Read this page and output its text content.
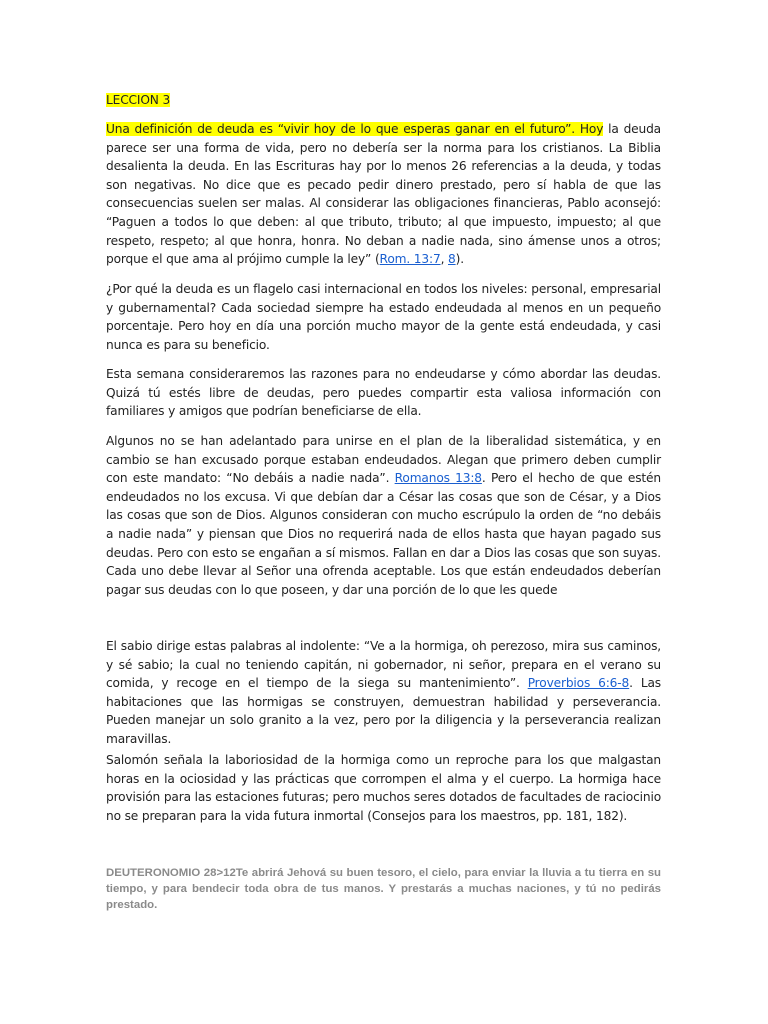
LECCION 3

Una definición de deuda es “vivir hoy de lo que esperas ganar en el futuro”. Hoy la deuda parece ser una forma de vida, pero no debería ser la norma para los cristianos. La Biblia desalienta la deuda. En las Escrituras hay por lo menos 26 referencias a la deuda, y todas son negativas. No dice que es pecado pedir dinero prestado, pero sí habla de que las consecuencias suelen ser malas. Al considerar las obligaciones financieras, Pablo aconsejó: “Paguen a todos lo que deben: al que tributo, tributo; al que impuesto, impuesto; al que respeto, respeto; al que honra, honra. No deban a nadie nada, sino ámense unos a otros; porque el que ama al prójimo cumple la ley” (Rom. 13:7, 8).

¿Por qué la deuda es un flagelo casi internacional en todos los niveles: personal, empresarial y gubernamental? Cada sociedad siempre ha estado endeudada al menos en un pequeño porcentaje. Pero hoy en día una porción mucho mayor de la gente está endeudada, y casi nunca es para su beneficio.

Esta semana consideraremos las razones para no endeudarse y cómo abordar las deudas. Quizá tú estés libre de deudas, pero puedes compartir esta valiosa información con familiares y amigos que podrían beneficiarse de ella.

Algunos no se han adelantado para unirse en el plan de la liberalidad sistemática, y en cambio se han excusado porque estaban endeudados. Alegan que primero deben cumplir con este mandato: “No debáis a nadie nada”. Romanos 13:8. Pero el hecho de que estén endeudados no los excusa. Vi que debían dar a César las cosas que son de César, y a Dios las cosas que son de Dios. Algunos consideran con mucho escrúpulo la orden de “no debáis a nadie nada” y piensan que Dios no requerirá nada de ellos hasta que hayan pagado sus deudas. Pero con esto se engañan a sí mismos. Fallan en dar a Dios las cosas que son suyas. Cada uno debe llevar al Señor una ofrenda aceptable. Los que están endeudados deberían pagar sus deudas con lo que poseen, y dar una porción de lo que les quede

El sabio dirige estas palabras al indolente: “Ve a la hormiga, oh perezoso, mira sus caminos, y sé sabio; la cual no teniendo capitán, ni gobernador, ni señor, prepara en el verano su comida, y recoge en el tiempo de la siega su mantenimiento”. Proverbios 6:6-8. Las habitaciones que las hormigas se construyen, demuestran habilidad y perseverancia. Pueden manejar un solo granito a la vez, pero por la diligencia y la perseverancia realizan maravillas.

Salomón señala la laboriosidad de la hormiga como un reproche para los que malgastan horas en la ociosidad y las prácticas que corrompen el alma y el cuerpo. La hormiga hace provisión para las estaciones futuras; pero muchos seres dotados de facultades de raciocinio no se preparan para la vida futura inmortal (Consejos para los maestros, pp. 181, 182).

DEUTERONOMIO 28>12Te abrirá Jehová su buen tesoro, el cielo, para enviar la lluvia a tu tierra en su tiempo, y para bendecir toda obra de tus manos. Y prestarás a muchas naciones, y tú no pedirás prestado.
